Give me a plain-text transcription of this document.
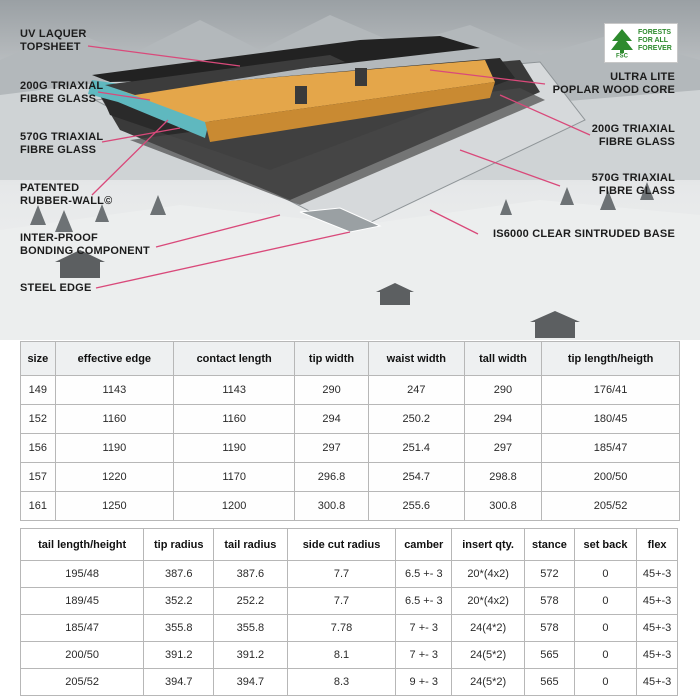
UV LAQUER
TOPSHEET
200G TRIAXIAL
FIBRE GLASS
570G TRIAXIAL
FIBRE GLASS
PATENTED
RUBBER-WALL©
INTER-PROOF
BONDING COMPONENT
STEEL EDGE
ULTRA LITE
POPLAR WOOD CORE
200G TRIAXIAL
FIBRE GLASS
570G TRIAXIAL
FIBRE GLASS
IS6000 CLEAR SINTRUDED BASE
FSC
FORESTS
FOR ALL
FOREVER
size	effective edge	contact length	tip width	waist width	tall width	tip length/heigth
149	1143	1143	290	247	290	176/41
152	1160	1160	294	250.2	294	180/45
156	1190	1190	297	251.4	297	185/47
157	1220	1170	296.8	254.7	298.8	200/50
161	1250	1200	300.8	255.6	300.8	205/52
tail length/height	tip radius	tail radius	side cut radius	camber	insert qty.	stance	set back	flex
195/48	387.6	387.6	7.7	6.5 +- 3	20*(4x2)	572	0	45+-3
189/45	352.2	252.2	7.7	6.5 +- 3	20*(4x2)	578	0	45+-3
185/47	355.8	355.8	7.78	7 +- 3	24(4*2)	578	0	45+-3
200/50	391.2	391.2	8.1	7 +- 3	24(5*2)	565	0	45+-3
205/52	394.7	394.7	8.3	9 +- 3	24(5*2)	565	0	45+-3
